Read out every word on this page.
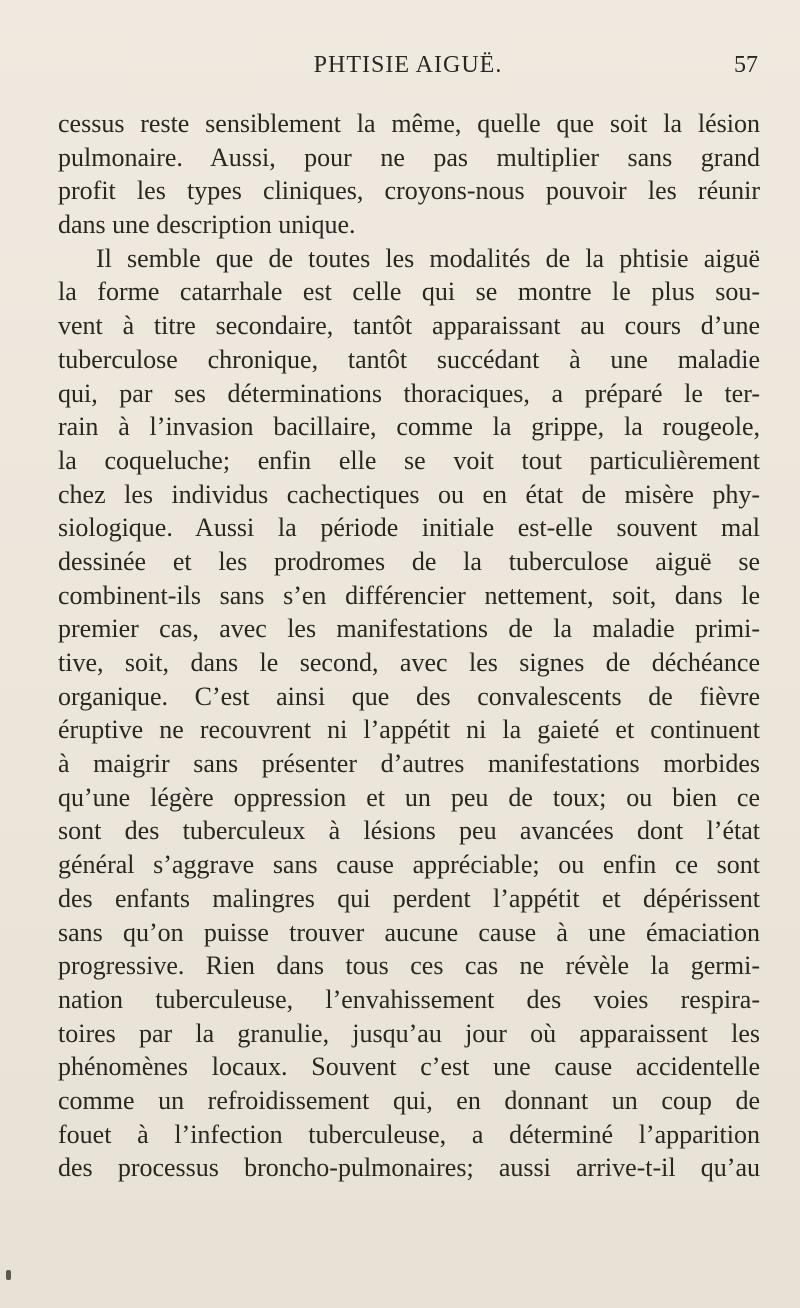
PHTISIE AIGUË.	57
cessus reste sensiblement la même, quelle que soit la lésion
pulmonaire. Aussi, pour ne pas multiplier sans grand
profit les types cliniques, croyons-nous pouvoir les réunir
dans une description unique.
Il semble que de toutes les modalités de la phtisie aiguë
la forme catarrhale est celle qui se montre le plus sou-
vent à titre secondaire, tantôt apparaissant au cours d’une
tuberculose chronique, tantôt succédant à une maladie
qui, par ses déterminations thoraciques, a préparé le ter-
rain à l’invasion bacillaire, comme la grippe, la rougeole,
la coqueluche; enfin elle se voit tout particulièrement
chez les individus cachectiques ou en état de misère phy-
siologique. Aussi la période initiale est-elle souvent mal
dessinée et les prodromes de la tuberculose aiguë se
combinent-ils sans s’en différencier nettement, soit, dans le
premier cas, avec les manifestations de la maladie primi-
tive, soit, dans le second, avec les signes de déchéance
organique. C’est ainsi que des convalescents de fièvre
éruptive ne recouvrent ni l’appétit ni la gaieté et continuent
à maigrir sans présenter d’autres manifestations morbides
qu’une légère oppression et un peu de toux; ou bien ce
sont des tuberculeux à lésions peu avancées dont l’état
général s’aggrave sans cause appréciable; ou enfin ce sont
des enfants malingres qui perdent l’appétit et dépérissent
sans qu’on puisse trouver aucune cause à une émaciation
progressive. Rien dans tous ces cas ne révèle la germi-
nation tuberculeuse, l’envahissement des voies respira-
toires par la granulie, jusqu’au jour où apparaissent les
phénomènes locaux. Souvent c’est une cause accidentelle
comme un refroidissement qui, en donnant un coup de
fouet à l’infection tuberculeuse, a déterminé l’apparition
des processus broncho-pulmonaires; aussi arrive-t-il qu’au
